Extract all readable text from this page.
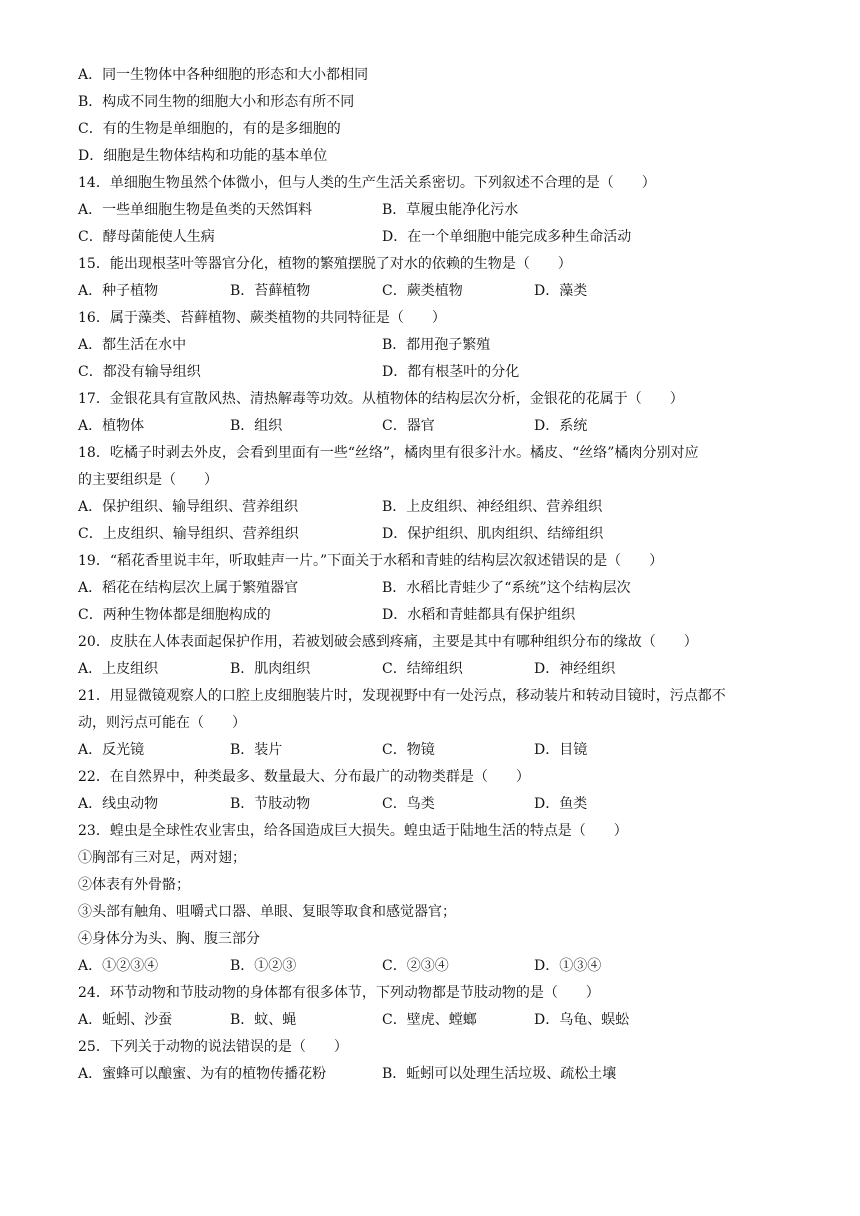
A．同一生物体中各种细胞的形态和大小都相同
B．构成不同生物的细胞大小和形态有所不同
C．有的生物是单细胞的，有的是多细胞的
D．细胞是生物体结构和功能的基本单位
14．单细胞生物虽然个体微小，但与人类的生产生活关系密切。下列叙述不合理的是（　　）
A．一些单细胞生物是鱼类的天然饵料	B．草履虫能净化污水
C．酵母菌能使人生病	D．在一个单细胞中能完成多种生命活动
15．能出现根茎叶等器官分化，植物的繁殖摆脱了对水的依赖的生物是（　　）
A．种子植物	B．苔藓植物	C．蕨类植物	D．藻类
16．属于藻类、苔藓植物、蕨类植物的共同特征是（　　）
A．都生活在水中	B．都用孢子繁殖
C．都没有输导组织	D．都有根茎叶的分化
17．金银花具有宣散风热、清热解毒等功效。从植物体的结构层次分析，金银花的花属于（　　）
A．植物体	B．组织	C．器官	D．系统
18．吃橘子时剥去外皮，会看到里面有一些“丝络”，橘肉里有很多汁水。橘皮、“丝络”橘肉分别对应
的主要组织是（　　）
A．保护组织、输导组织、营养组织	B．上皮组织、神经组织、营养组织
C．上皮组织、输导组织、营养组织	D．保护组织、肌肉组织、结缔组织
19．“稻花香里说丰年，听取蛙声一片。”下面关于水稻和青蛙的结构层次叙述错误的是（　　）
A．稻花在结构层次上属于繁殖器官	B．水稻比青蛙少了“系统”这个结构层次
C．两种生物体都是细胞构成的	D．水稻和青蛙都具有保护组织
20．皮肤在人体表面起保护作用，若被划破会感到疼痛，主要是其中有哪种组织分布的缘故（　　）
A．上皮组织	B．肌肉组织	C．结缔组织	D．神经组织
21．用显微镜观察人的口腔上皮细胞装片时，发现视野中有一处污点，移动装片和转动目镜时，污点都不
动，则污点可能在（　　）
A．反光镜	B．装片	C．物镜	D．目镜
22．在自然界中，种类最多、数量最大、分布最广的动物类群是（　　）
A．线虫动物	B．节肢动物	C．鸟类	D．鱼类
23．蝗虫是全球性农业害虫，给各国造成巨大损失。蝗虫适于陆地生活的特点是（　　）
①胸部有三对足，两对翅；
②体表有外骨骼；
③头部有触角、咀嚼式口器、单眼、复眼等取食和感觉器官；
④身体分为头、胸、腹三部分
A．①②③④	B．①②③	C．②③④	D．①③④
24．环节动物和节肢动物的身体都有很多体节，下列动物都是节肢动物的是（　　）
A．蚯蚓、沙蚕	B．蚊、蝇	C．壁虎、螳螂	D．乌龟、蜈蚣
25．下列关于动物的说法错误的是（　　）
A．蜜蜂可以酿蜜、为有的植物传播花粉	B．蚯蚓可以处理生活垃圾、疏松土壤
